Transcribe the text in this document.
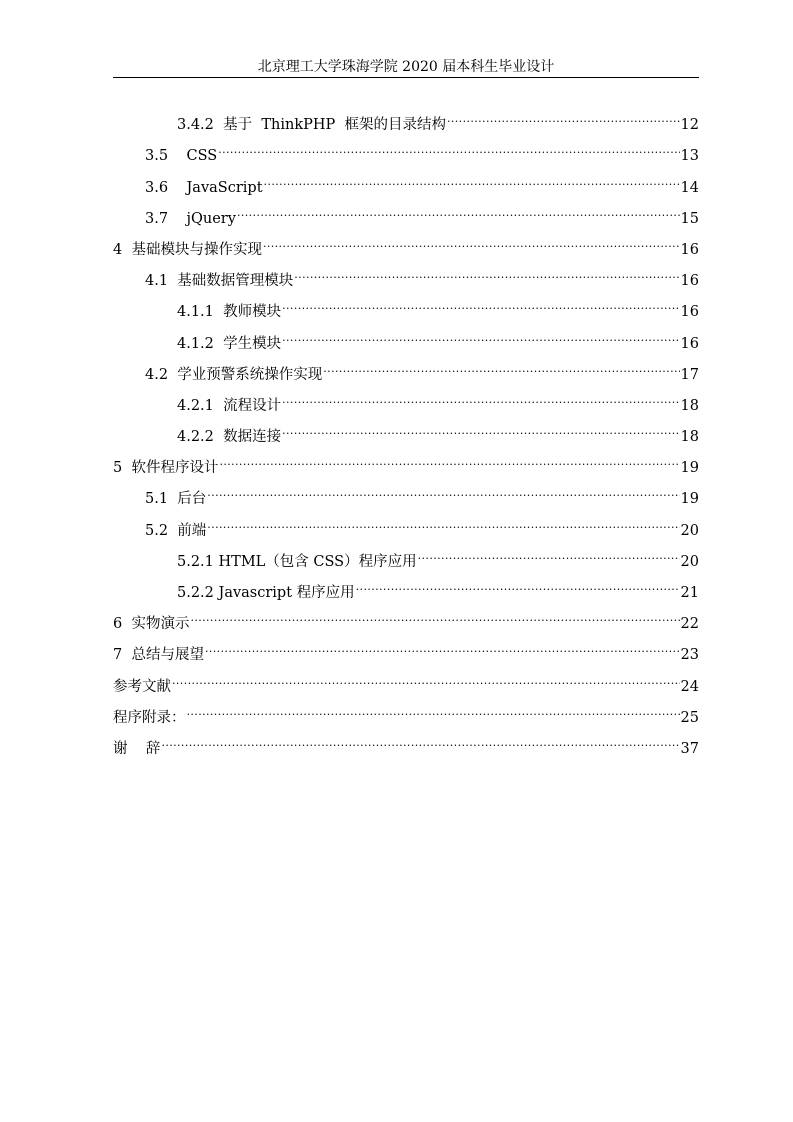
北京理工大学珠海学院 2020 届本科生毕业设计
3.4.2  基于  ThinkPHP  框架的目录结构 .....	12
3.5    CSS .....	13
3.6    JavaScript .....	14
3.7    jQuery .....	15
4  基础模块与操作实现 .....	16
4.1  基础数据管理模块 .....	16
4.1.1  教师模块 .....	16
4.1.2  学生模块 .....	16
4.2  学业预警系统操作实现 .....	17
4.2.1  流程设计 .....	18
4.2.2  数据连接 .....	18
5  软件程序设计 .....	19
5.1  后台 .....	19
5.2  前端 .....	20
5.2.1 HTML（包含 CSS）程序应用 .....	20
5.2.2 Javascript 程序应用 .....	21
6  实物演示 .....	22
7  总结与展望 .....	23
参考文献 .....	24
程序附录： .....	25
谢    辞 .....	37
